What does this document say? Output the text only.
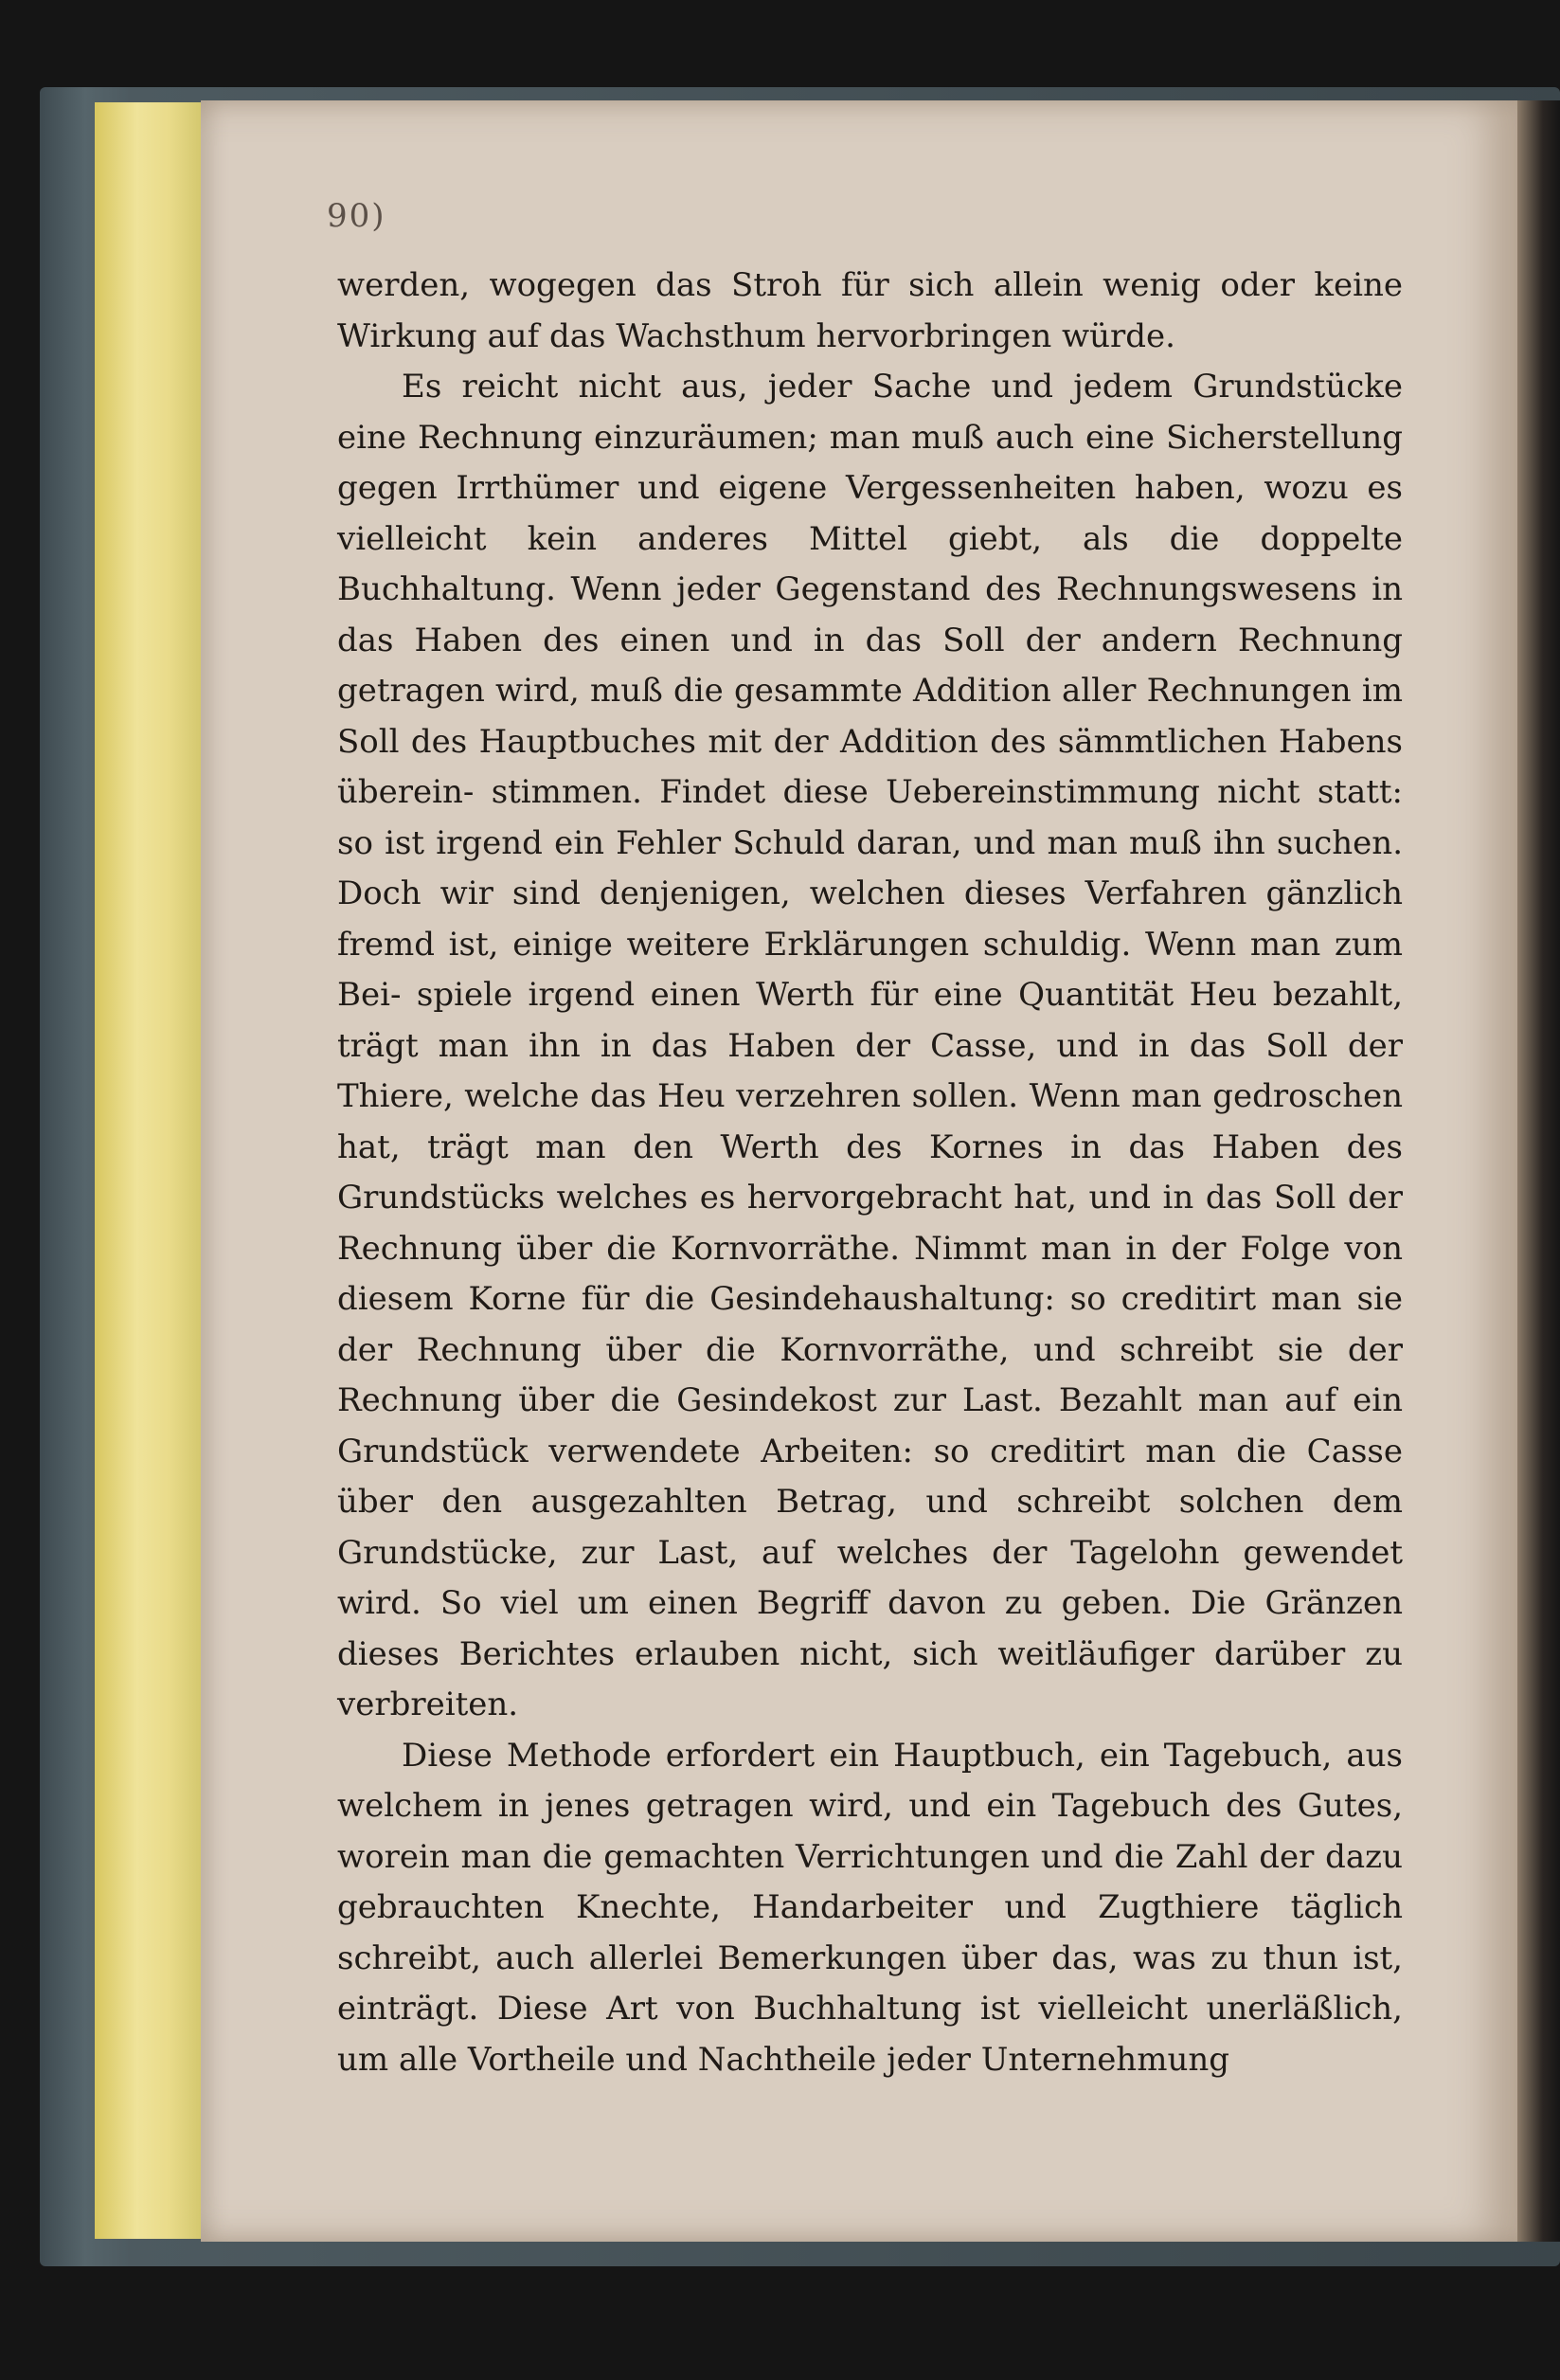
90)

werden, wogegen das Stroh für sich allein wenig oder keine Wirkung auf das Wachsthum hervorbringen würde.

Es reicht nicht aus, jeder Sache und jedem Grundstücke eine Rechnung einzuräumen; man muß auch eine Sicherstellung gegen Irrthümer und eigene Vergessenheiten haben, wozu es vielleicht kein anderes Mittel giebt, als die doppelte Buchhaltung. Wenn jeder Gegenstand des Rechnungswesens in das Haben des einen und in das Soll der andern Rechnung getragen wird, muß die gesammte Addition aller Rechnungen im Soll des Hauptbuches mit der Addition des sämmtlichen Habens überein- stimmen. Findet diese Uebereinstimmung nicht statt: so ist irgend ein Fehler Schuld daran, und man muß ihn suchen. Doch wir sind denjenigen, welchen dieses Verfahren gänzlich fremd ist, einige weitere Erklärungen schuldig. Wenn man zum Bei- spiele irgend einen Werth für eine Quantität Heu bezahlt, trägt man ihn in das Haben der Casse, und in das Soll der Thiere, welche das Heu verzehren sollen. Wenn man gedroschen hat, trägt man den Werth des Kornes in das Haben des Grundstücks welches es hervorgebracht hat, und in das Soll der Rechnung über die Kornvorräthe. Nimmt man in der Folge von diesem Korne für die Gesindehaushaltung: so creditirt man sie der Rechnung über die Kornvorräthe, und schreibt sie der Rechnung über die Gesindekost zur Last. Bezahlt man auf ein Grundstück verwendete Arbeiten: so creditirt man die Casse über den ausgezahlten Betrag, und schreibt solchen dem Grundstücke, zur Last, auf welches der Tagelohn gewendet wird. So viel um einen Begriff davon zu geben. Die Gränzen dieses Berichtes erlauben nicht, sich weitläufiger darüber zu verbreiten.

Diese Methode erfordert ein Hauptbuch, ein Tagebuch, aus welchem in jenes getragen wird, und ein Tagebuch des Gutes, worein man die gemachten Verrichtungen und die Zahl der dazu gebrauchten Knechte, Handarbeiter und Zugthiere täglich schreibt, auch allerlei Bemerkungen über das, was zu thun ist, einträgt. Diese Art von Buchhaltung ist vielleicht unerläßlich, um alle Vortheile und Nachtheile jeder Unternehmung
